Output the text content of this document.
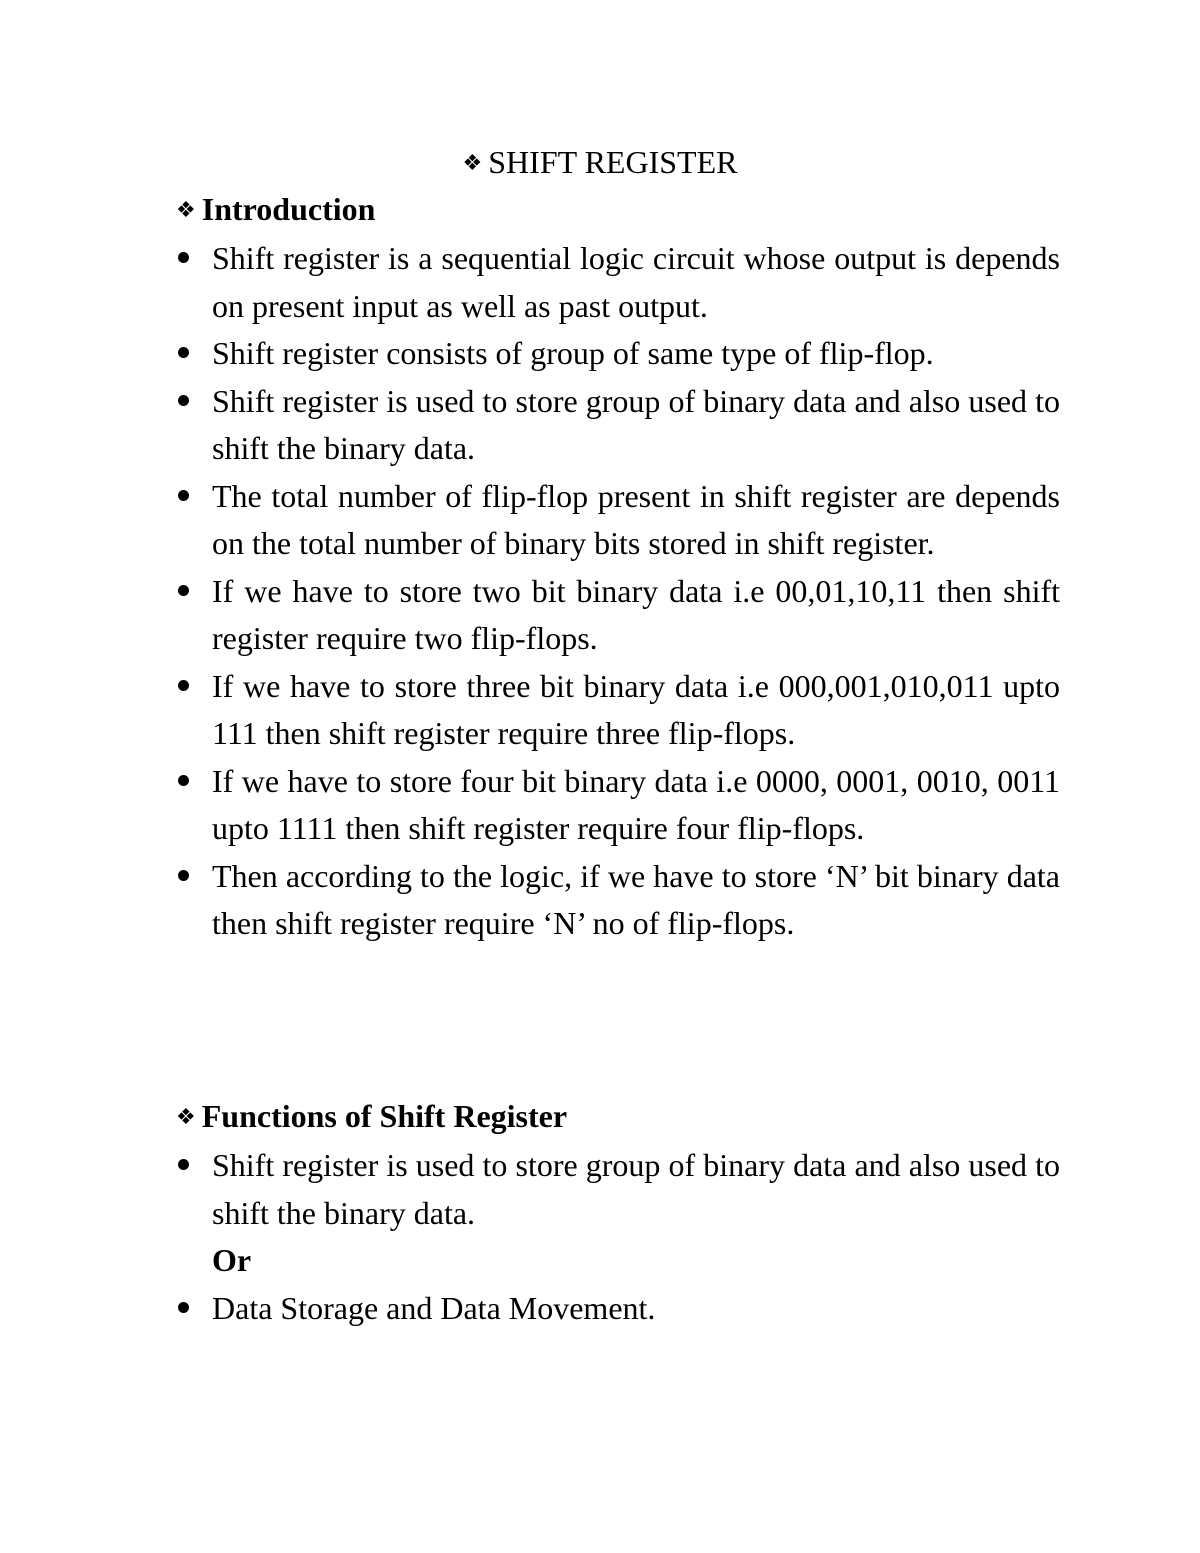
❖ SHIFT REGISTER
❖ Introduction
Shift register is a sequential logic circuit whose output is depends on present input as well as past output.
Shift register consists of group of same type of flip-flop.
Shift register is used to store group of binary data and also used to shift the binary data.
The total number of flip-flop present in shift register are depends on the total number of binary bits stored in shift register.
If we have to store two bit binary data i.e 00,01,10,11 then shift register require two flip-flops.
If we have to store three bit binary data i.e 000,001,010,011 upto 111 then shift register require three flip-flops.
If we have to store four bit binary data i.e 0000, 0001, 0010, 0011 upto 1111 then shift register require four flip-flops.
Then according to the logic, if we have to store ‘N’ bit binary data then shift register require ‘N’ no of flip-flops.
❖ Functions of Shift Register
Shift register is used to store group of binary data and also used to shift the binary data.
Or
Data Storage and Data Movement.
